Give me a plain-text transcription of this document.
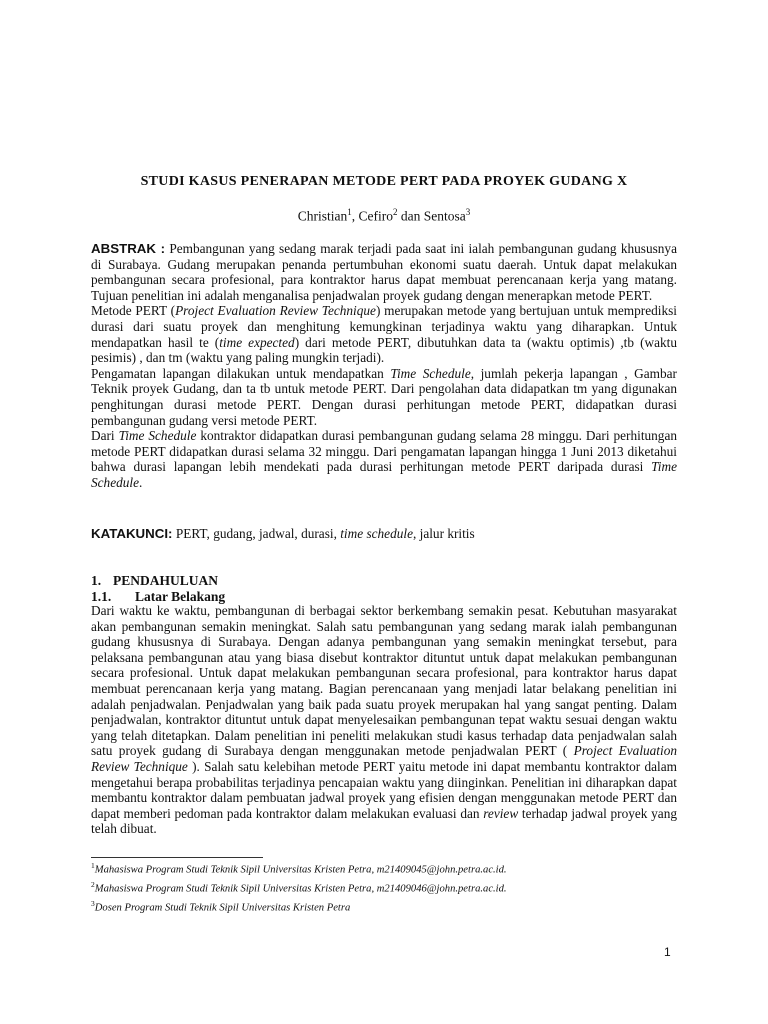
STUDI KASUS PENERAPAN METODE PERT PADA PROYEK GUDANG X
Christian$^1$, Cefiro$^2$ dan Sentosa$^3$

ABSTRAK : Pembangunan yang sedang marak terjadi pada saat ini ialah pembangunan gudang khususnya di Surabaya. Gudang merupakan penanda pertumbuhan ekonomi suatu daerah. Untuk dapat melakukan pembangunan secara profesional, para kontraktor harus dapat membuat perencanaan kerja yang matang. Tujuan penelitian ini adalah menganalisa penjadwalan proyek gudang dengan menerapkan metode PERT.

Metode PERT (Project Evaluation Review Technique) merupakan metode yang bertujuan untuk memprediksi durasi dari suatu proyek dan menghitung kemungkinan terjadinya waktu yang diharapkan. Untuk mendapatkan hasil te (time expected) dari metode PERT, dibutuhkan data ta (waktu optimis) ,tb (waktu pesimis) , dan tm (waktu yang paling mungkin terjadi).

Pengamatan lapangan dilakukan untuk mendapatkan Time Schedule, jumlah pekerja lapangan , Gambar Teknik proyek Gudang, dan ta tb untuk metode PERT. Dari pengolahan data didapatkan tm yang digunakan penghitungan durasi metode PERT. Dengan durasi perhitungan metode PERT, didapatkan durasi pembangunan gudang versi metode PERT.

Dari Time Schedule kontraktor didapatkan durasi pembangunan gudang selama 28 minggu. Dari perhitungan metode PERT didapatkan durasi selama 32 minggu. Dari pengamatan lapangan hingga 1 Juni 2013 diketahui bahwa durasi lapangan lebih mendekati pada durasi perhitungan metode PERT daripada durasi Time Schedule.

KATAKUNCI: PERT, gudang, jadwal, durasi, time schedule, jalur kritis

1. PENDAHULUAN
1.1. Latar Belakang

Dari waktu ke waktu, pembangunan di berbagai sektor berkembang semakin pesat. Kebutuhan masyarakat akan pembangunan semakin meningkat. Salah satu pembangunan yang sedang marak ialah pembangunan gudang khususnya di Surabaya. Dengan adanya pembangunan yang semakin meningkat tersebut, para pelaksana pembangunan atau yang biasa disebut kontraktor dituntut untuk dapat melakukan pembangunan secara profesional. Untuk dapat melakukan pembangunan secara profesional, para kontraktor harus dapat membuat perencanaan kerja yang matang. Bagian perencanaan yang menjadi latar belakang penelitian ini adalah penjadwalan. Penjadwalan yang baik pada suatu proyek merupakan hal yang sangat penting. Dalam penjadwalan, kontraktor dituntut untuk dapat menyelesaikan pembangunan tepat waktu sesuai dengan waktu yang telah ditetapkan. Dalam penelitian ini peneliti melakukan studi kasus terhadap data penjadwalan salah satu proyek gudang di Surabaya dengan menggunakan metode penjadwalan PERT ( Project Evaluation Review Technique ). Salah satu kelebihan metode PERT yaitu metode ini dapat membantu kontraktor dalam mengetahui berapa probabilitas terjadinya pencapaian waktu yang diinginkan. Penelitian ini diharapkan dapat membantu kontraktor dalam pembuatan jadwal proyek yang efisien dengan menggunakan metode PERT dan dapat memberi pedoman pada kontraktor dalam melakukan evaluasi dan review terhadap jadwal proyek yang telah dibuat.

$^1$Mahasiswa Program Studi Teknik Sipil Universitas Kristen Petra, m21409045@john.petra.ac.id.
$^2$Mahasiswa Program Studi Teknik Sipil Universitas Kristen Petra, m21409046@john.petra.ac.id.
$^3$Dosen Program Studi Teknik Sipil Universitas Kristen Petra
1
